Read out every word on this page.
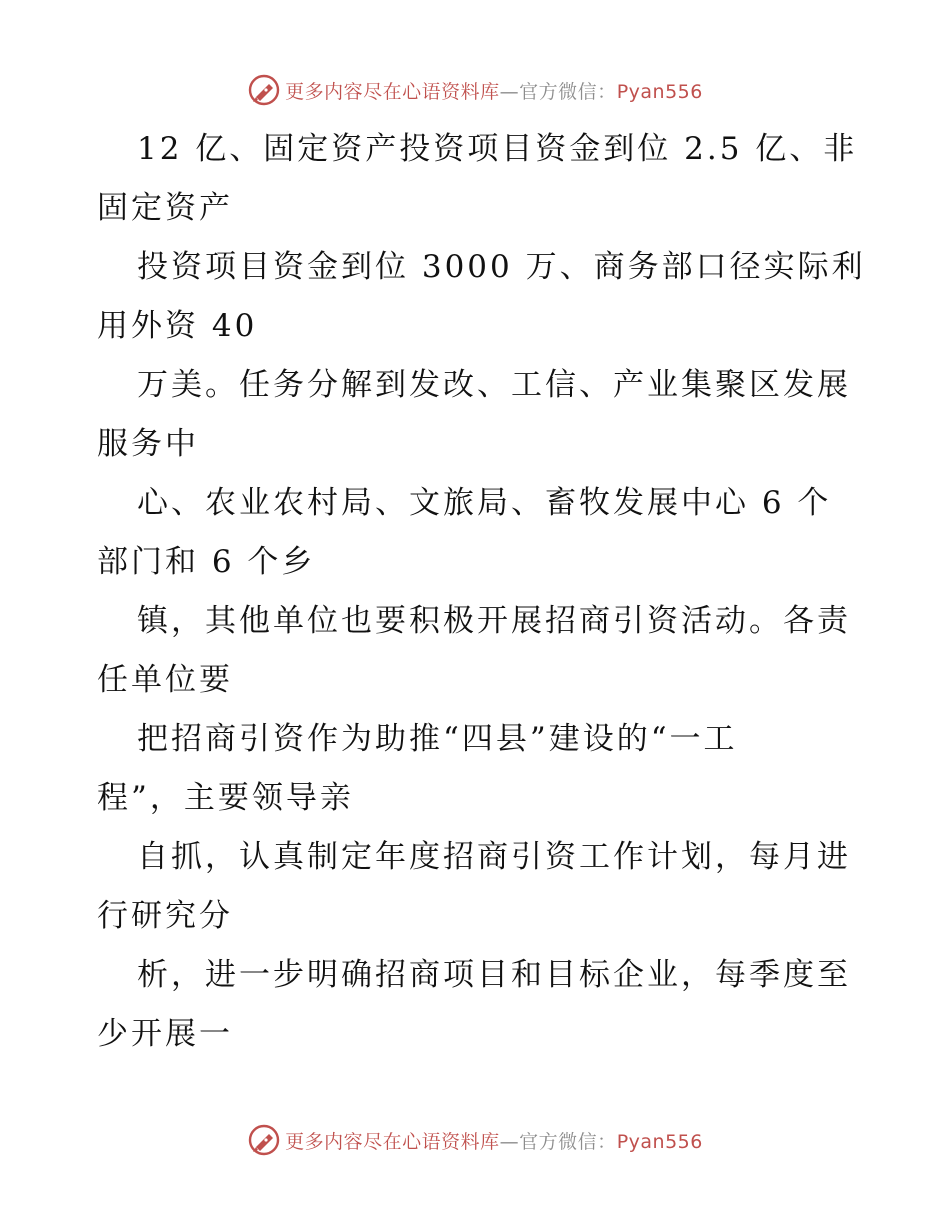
更多内容尽在心语资料库—官方微信：Pyan556
12 亿、固定资产投资项目资金到位 2.5 亿、非
固定资产
投资项目资金到位 3000 万、商务部口径实际利
用外资 40
万美。任务分解到发改、工信、产业集聚区发展
服务中
心、农业农村局、文旅局、畜牧发展中心 6 个
部门和 6 个乡
镇，其他单位也要积极开展招商引资活动。各责
任单位要
把招商引资作为助推“四县”建设的“一工
程”，主要领导亲
自抓，认真制定年度招商引资工作计划，每月进
行研究分
析，进一步明确招商项目和目标企业，每季度至
少开展一
更多内容尽在心语资料库—官方微信：Pyan556
